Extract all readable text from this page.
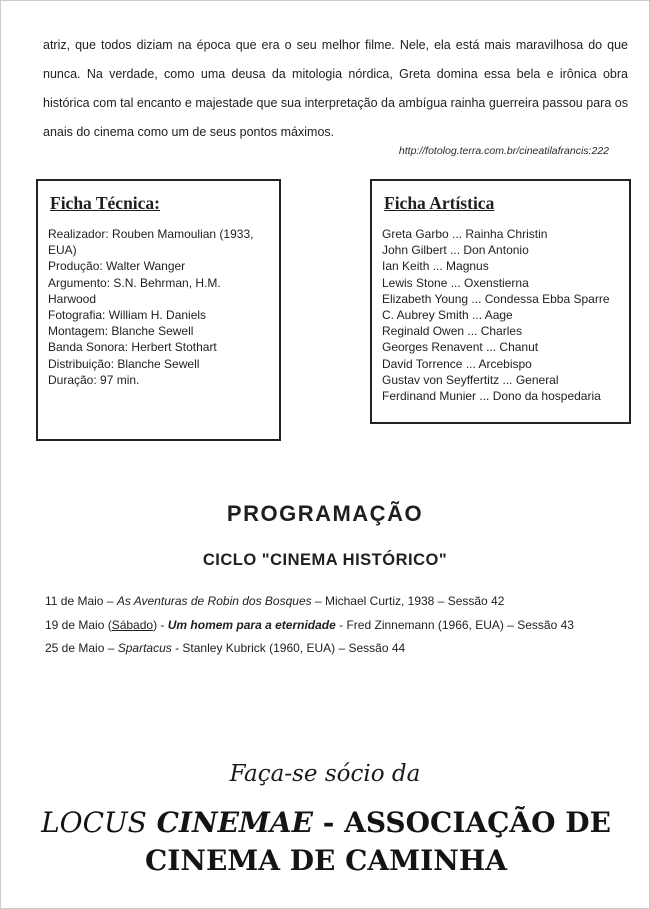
atriz, que todos diziam na época que era o seu melhor filme. Nele, ela está mais maravilhosa do que nunca. Na verdade, como uma deusa da mitologia nórdica, Greta domina essa bela e irônica obra histórica com tal encanto e majestade que sua interpretação da ambígua rainha guerreira passou para os anais do cinema como um de seus pontos máximos.

http://fotolog.terra.com.br/cineatilafrancis:222
Ficha Técnica:
Realizador: Rouben Mamoulian (1933, EUA)
Produção: Walter Wanger
Argumento: S.N. Behrman, H.M. Harwood
Fotografia: William H. Daniels
Montagem: Blanche Sewell
Banda Sonora: Herbert Stothart
Distribuição: Blanche Sewell
Duração: 97 min.
Ficha Artística
Greta Garbo ... Rainha Christin
John Gilbert ... Don Antonio
Ian Keith ... Magnus
Lewis Stone ... Oxenstierna
Elizabeth Young ... Condessa Ebba Sparre
C. Aubrey Smith ... Aage
Reginald Owen ... Charles
Georges Renavent ... Chanut
David Torrence ... Arcebispo
Gustav von Seyffertitz ... General
Ferdinand Munier ... Dono da hospedaria
PROGRAMAÇÃO
CICLO "CINEMA HISTÓRICO"
11 de Maio – As Aventuras de Robin dos Bosques – Michael Curtiz, 1938 – Sessão 42
19 de Maio (Sábado) - Um homem para a eternidade - Fred Zinnemann (1966, EUA) – Sessão 43
25 de Maio – Spartacus - Stanley Kubrick (1960, EUA) – Sessão 44
Faça-se sócio da
LOCUS CINEMAE - ASSOCIAÇÃO DE CINEMA DE CAMINHA
